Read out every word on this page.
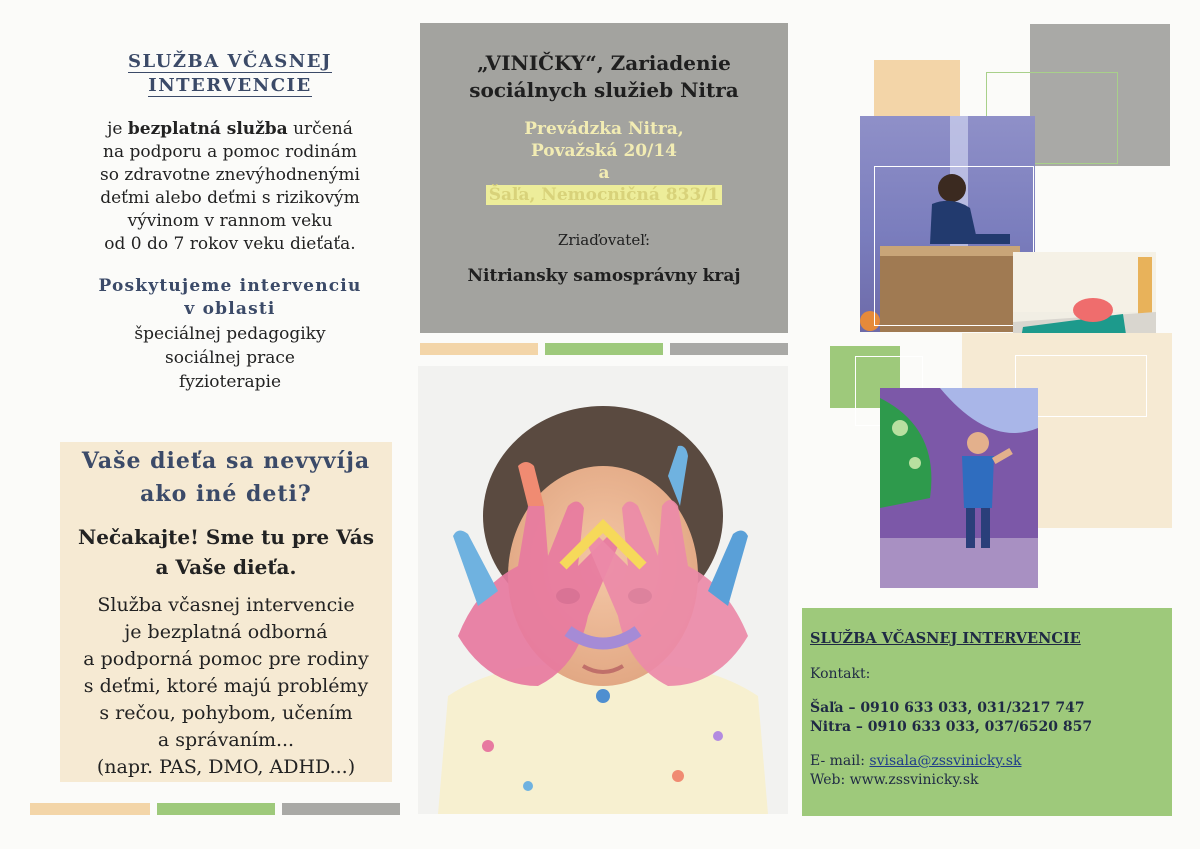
SLUŽBA VČASNEJ
INTERVENCIE
je bezplatná služba určená
na podporu a pomoc rodinám
so zdravotne znevýhodnenými
deťmi alebo deťmi s rizikovým
vývinom v rannom veku
od 0 do 7 rokov veku dieťaťa.
Poskytujeme intervenciu
v oblasti
špeciálnej pedagogiky
sociálnej prace
fyzioterapie
Vaše dieťa sa nevyvíja
ako iné deti?
Nečakajte! Sme tu pre Vás
a Vaše dieťa.
Služba včasnej intervencie
je bezplatná odborná
a podporná pomoc pre rodiny
s deťmi, ktoré majú problémy
s rečou, pohybom, učením
a správaním...
(napr. PAS, DMO, ADHD...)
„VINIČKY“, Zariadenie
sociálnych služieb Nitra
Prevádzka Nitra,
Považská 20/14
a
Šaľa, Nemocničná 833/1
Zriaďovateľ:
Nitriansky samosprávny kraj
SLUŽBA VČASNEJ INTERVENCIE
Kontakt:
Šaľa – 0910 633 033, 031/3217 747
Nitra – 0910 633 033, 037/6520 857
E- mail: svisala@zssvinicky.sk
Web: www.zssvinicky.sk
